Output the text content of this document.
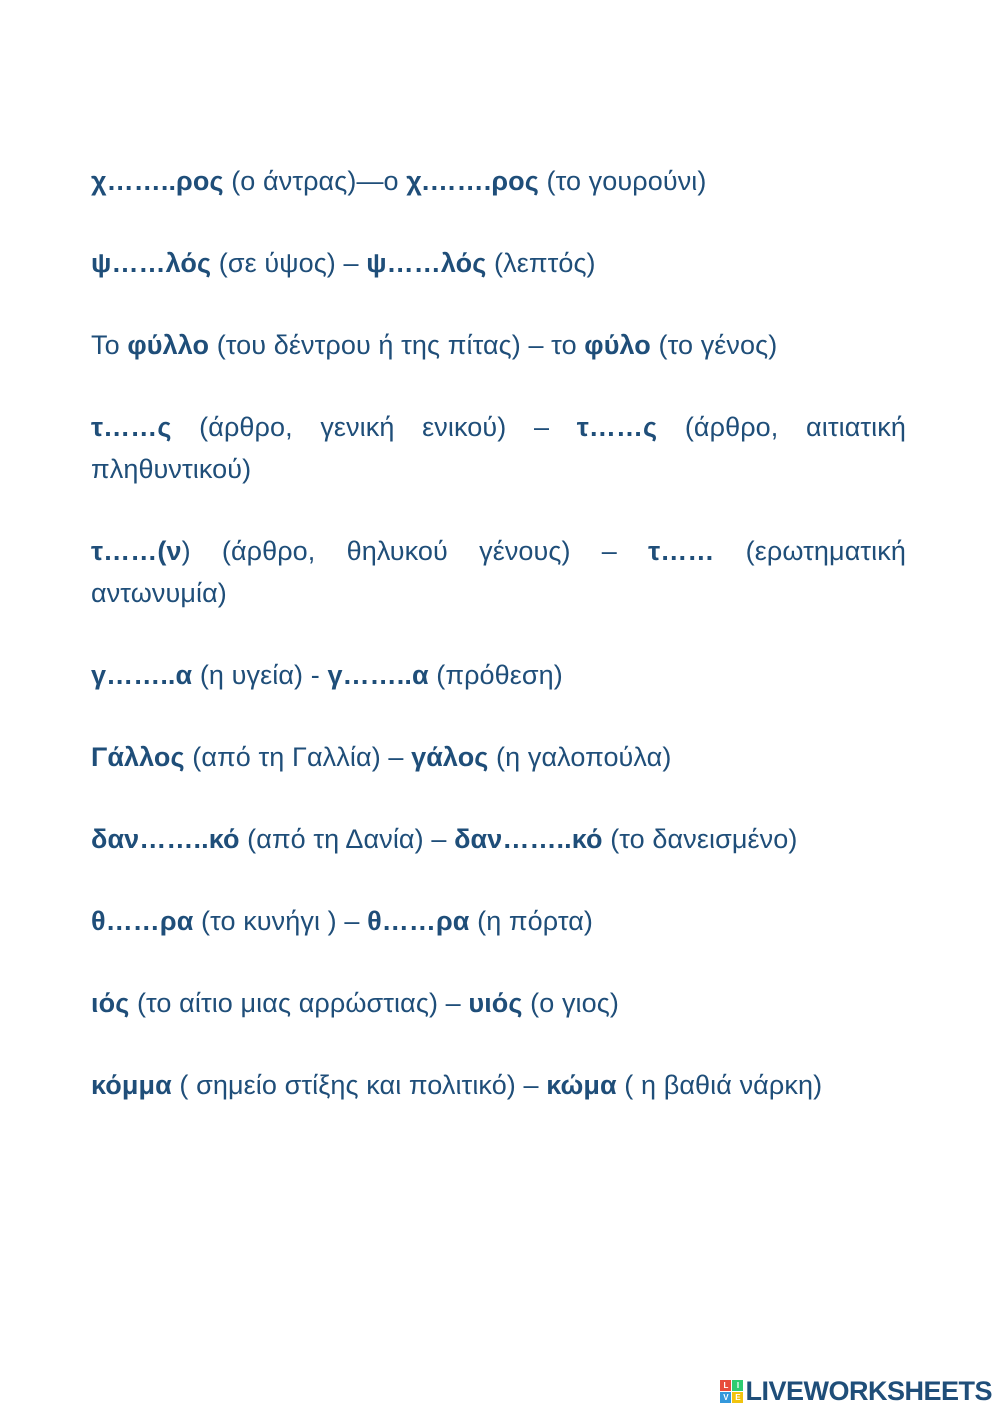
χ……..ρος (ο άντρας)—ο χ.…….ρος (το γουρούνι)
ψ……λός (σε ύψος) – ψ……λός (λεπτός)
Το φύλλο (του δέντρου ή της πίτας) – το φύλο (το γένος)
τ……ς (άρθρο, γενική ενικού) – τ……ς (άρθρο, αιτιατική πληθυντικού)
τ……(ν) (άρθρο, θηλυκού γένους) – τ…… (ερωτηματική αντωνυμία)
γ……..α (η υγεία) - γ……..α (πρόθεση)
Γάλλος (από τη Γαλλία) – γάλος (η γαλοπούλα)
δαν……..κό (από τη Δανία) – δαν……..κό (το δανεισμένο)
θ……ρα (το κυνήγι ) – θ……ρα (η πόρτα)
ιός (το αίτιο μιας αρρώστιας) – υιός (ο γιος)
κόμμα ( σημείο στίξης και πολιτικό) – κώμα ( η βαθιά νάρκη)
L	I
V E LIVEWORKSHEETS
